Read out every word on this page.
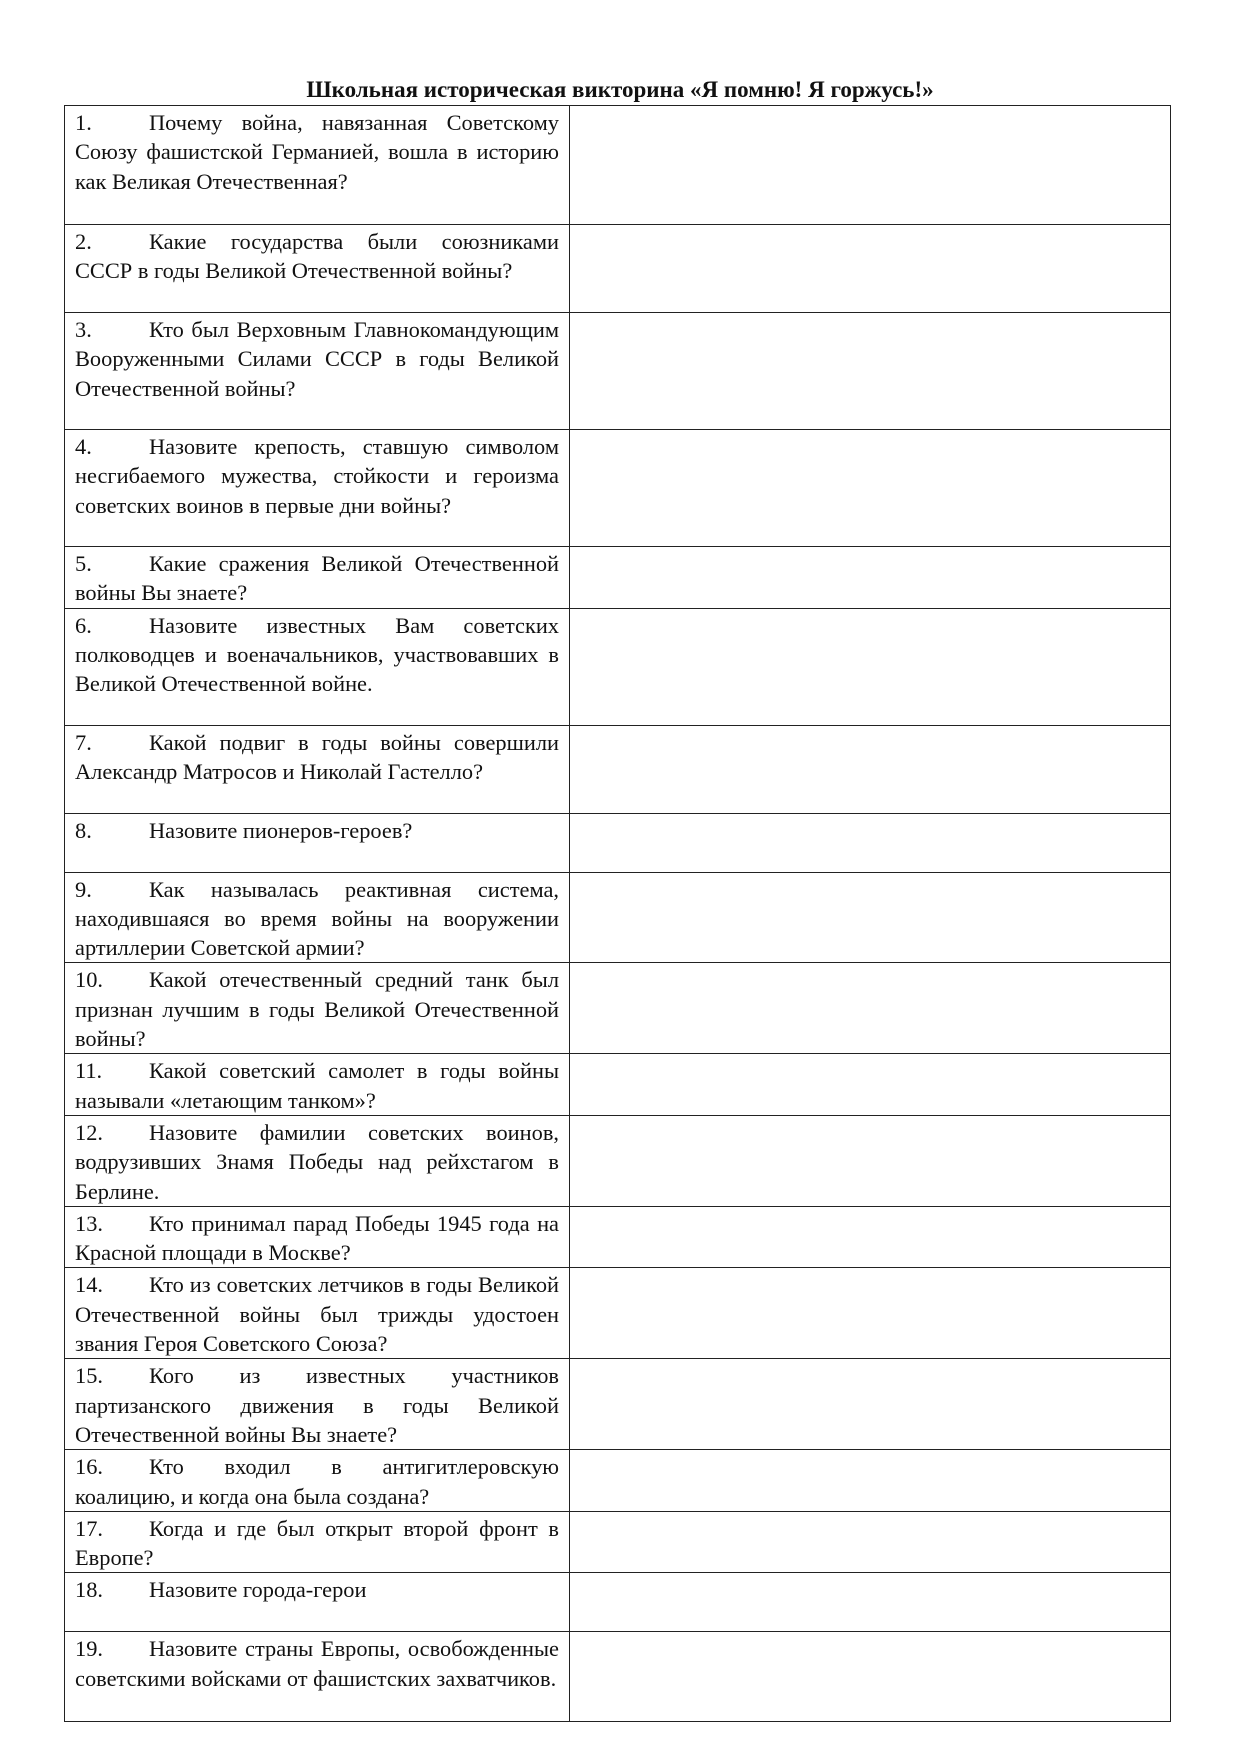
Школьная историческая викторина «Я помню! Я горжусь!»
1. Почему война, навязанная Советскому Союзу фашистской Германией, вошла в историю как Великая Отечественная?	

2. Какие государства были союзниками СССР в годы Великой Отечественной войны?	

3. Кто был Верховным Главнокомандующим Вооруженными Силами СССР в годы Великой Отечественной войны?	

4. Назовите крепость, ставшую символом несгибаемого мужества, стойкости и героизма советских воинов в первые дни войны?	

5. Какие сражения Великой Отечественной войны Вы знаете?	

6. Назовите известных Вам советских полководцев и военачальников, участвовавших в Великой Отечественной войне.	

7. Какой подвиг в годы войны совершили Александр Матросов и Николай Гастелло?	

8. Назовите пионеров-героев?	

9. Как называлась реактивная система, находившаяся во время войны на вооружении артиллерии Советской армии?	

10. Какой отечественный средний танк был признан лучшим в годы Великой Отечественной войны?	

11. Какой советский самолет в годы войны называли «летающим танком»?	

12. Назовите фамилии советских воинов, водрузивших Знамя Победы над рейхстагом в Берлине.	

13. Кто принимал парад Победы 1945 года на Красной площади в Москве?	

14. Кто из советских летчиков в годы Великой Отечественной войны был трижды удостоен звания Героя Советского Союза?	

15. Кого из известных участников партизанского движения в годы Великой Отечественной войны Вы знаете?	

16. Кто входил в антигитлеровскую коалицию, и когда она была создана?	

17. Когда и где был открыт второй фронт в Европе?	

18. Назовите города-герои	

19. Назовите страны Европы, освобожденные советскими войсками от фашистских захватчиков.	
